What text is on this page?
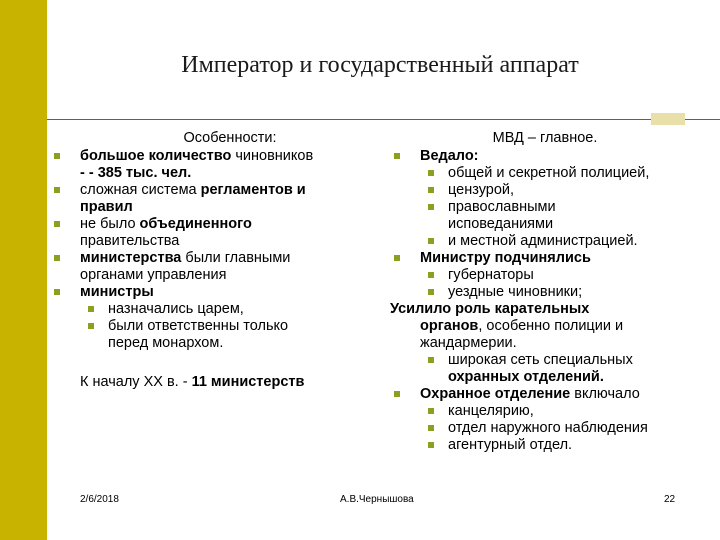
Император и государственный аппарат
Особенности:
большое количество чиновников
- - 385 тыс. чел.
сложная система регламентов и
правил
не было объединенного
правительства
министерства были главными
органами управления
министры
назначались царем,
были ответственны только
перед монархом.
К началу XX в. - 11 министерств
МВД – главное.
Ведало:
общей и секретной полицией,
цензурой,
православными
исповеданиями
и местной администрацией.
Министру подчинялись
губернаторы
уездные чиновники;
Усилило роль карательных
органов, особенно полиции и
жандармерии.
широкая сеть специальных
охранных отделений.
Охранное отделение включало
канцелярию,
отдел наружного наблюдения
агентурный отдел.
2/6/2018	А.В.Чернышова	22
